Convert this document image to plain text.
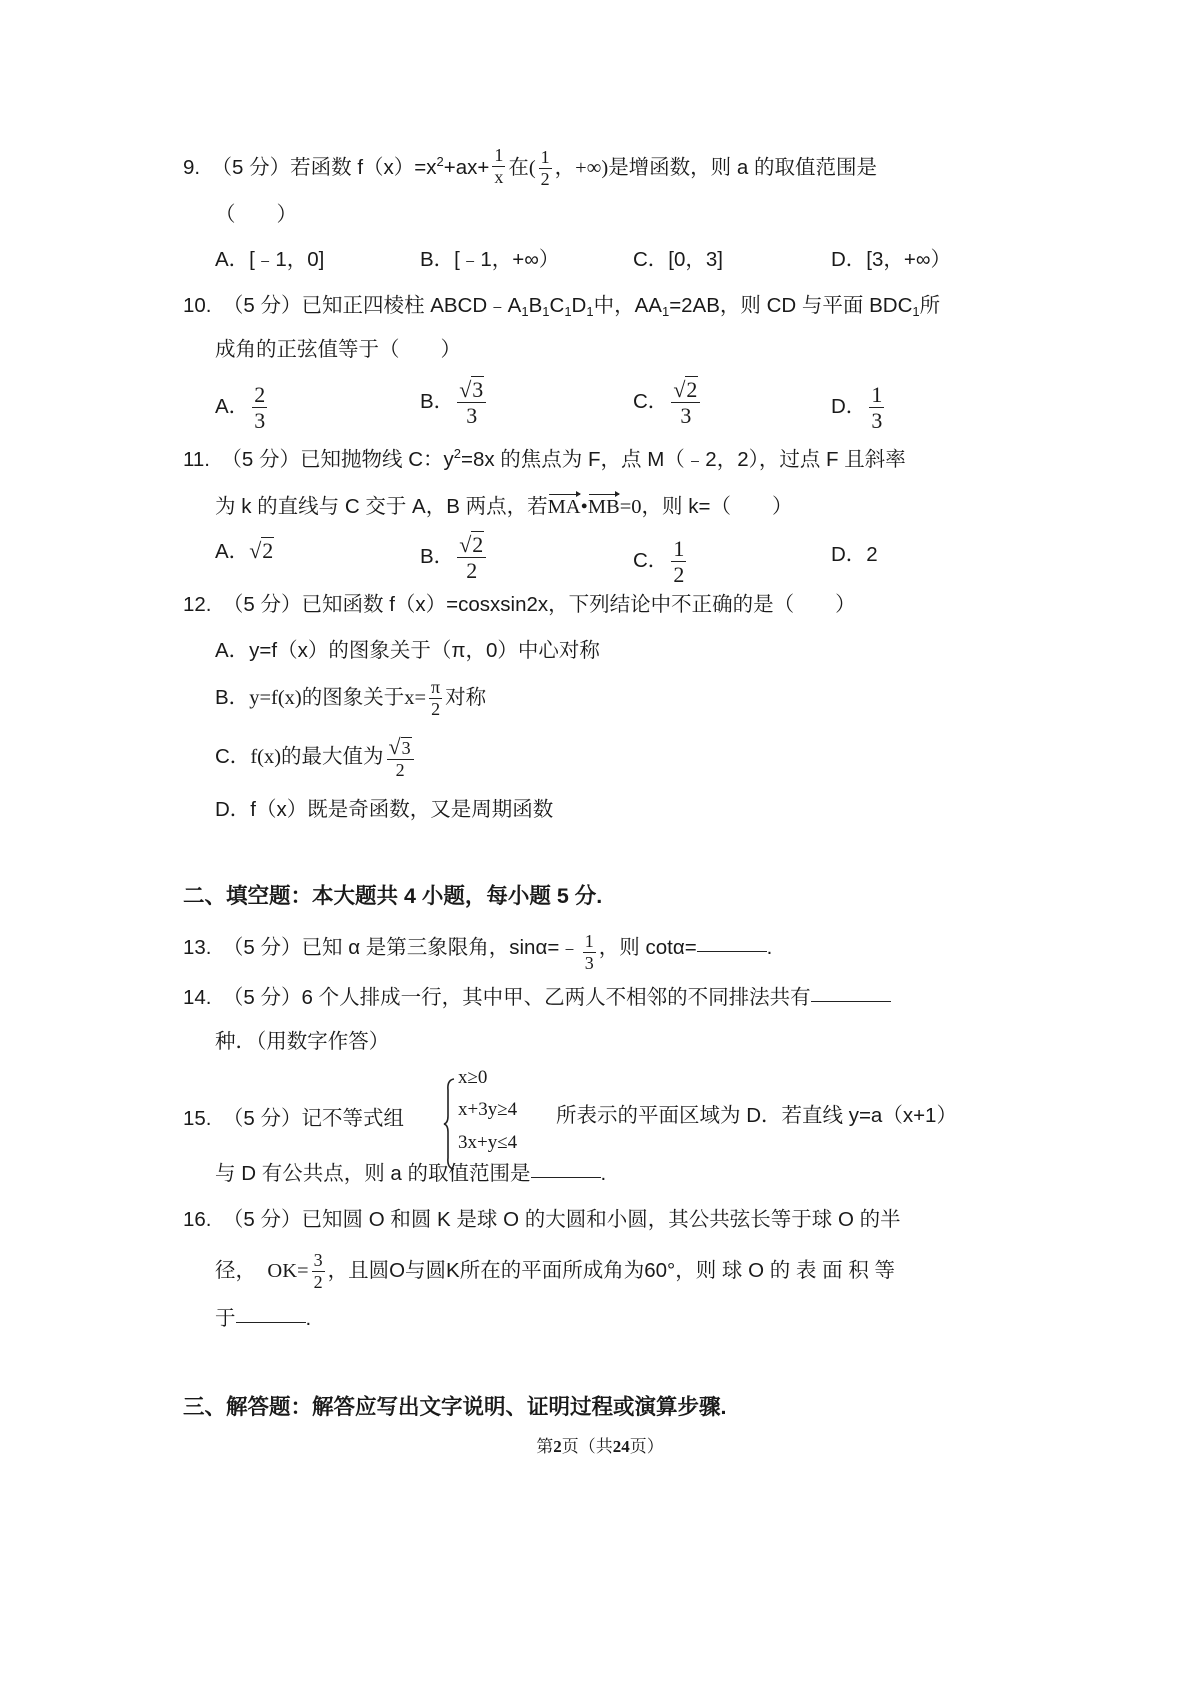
9. （5 分）若函数 $f(x)=x^2+ax+ \frac{1}{x}$ 在( $\frac{1}{2}$ ，+∞)是增函数，则 a 的取值范围是
（　　）
A．[﹣1，0]	B．[﹣1，+∞）	C．[0，3]	D．[3，+∞）
10. （5 分）已知正四棱柱 $ABCD﹣A_1B_1C_1D_1$中，$AA_1=2AB$，则 CD 与平面 $BDC_1$所
成角的正弦值等于（　　）
A． $\frac{2}{3}$	B． $\frac{√3}{3}$	C． $\frac{√2}{3}$	D． $\frac{1}{3}$
11. （5 分）已知抛物线 C：$y^2=8x$ 的焦点为 F，点 M（﹣2，2），过点 F 且斜率
为 k 的直线与 C 交于 A，B 两点，若MA•MB=0，则 k=（　　）
A．√2	B． $\frac{√2}{2}$	C． $\frac{1}{2}$	D．2
12. （5 分）已知函数 f（x）=cosxsin2x，下列结论中不正确的是（　　）
A．y=f（x）的图象关于（π，0）中心对称
B．y=f(x)的图象关于$x= \frac{\pi}{2}$ 对称
C．f(x)的最大值为 $\frac{√3}{2}$
D．f（x）既是奇函数，又是周期函数
二、填空题：本大题共 4 小题，每小题 5 分.
13. （5 分）已知 α 是第三象限角，sinα=﹣ $\frac{1}{3}$ ，则 cotα=	.
14. （5 分）6 个人排成一行，其中甲、乙两人不相邻的不同排法共有
种．（用数字作答）
15. （5 分）记不等式组
x≥0
x+3y≥4 所表示的平面区域为 D．若直线 y=a（x+1）
3x+y≤4
与 D 有公共点，则 a 的取值范围是	.
16. （5 分）已知圆 O 和圆 K 是球 O 的大圆和小圆，其公共弦长等于球 O 的半
径， $OK= \frac{3}{2}$ ，且圆O与圆K所在的平面所成角为60°，则 球 O 的 表 面 积 等
于	.
三、解答题：解答应写出文字说明、证明过程或演算步骤.
第2页（共24页）
